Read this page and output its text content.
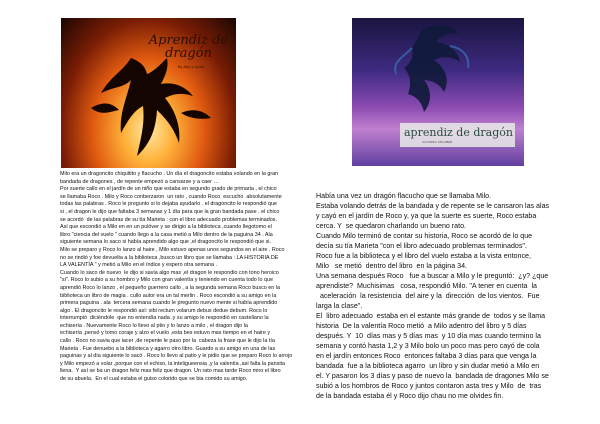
Aprendiz de dragón
By Aby y Ayala
aprendiz de dragón
AUTORES: MILO/BEB
Milo era un dragoncito chiquitito y flacucho . Un día el dragoncito estaba volando en la gran
bandada de dragones , de repente empezó a cansarse y a caer …
Por suerte callo en el jardín de un niño que estaba en segundo grado de primaria , el chico
se llamaba Roco . Milo y Roco conberzaron  un rato , cuando Roco  escucho  absolutamente
todas las palabras . Roco le pregunto si lo dejaba ayudarlo . el dragoncito le respondió que
si , el dragon le dijo que faltaba 3 semanas y 1 día para que la gran bandada pase . el chico
se acordó  de las palabras de su tía Marieta : con el libro adecuado problemas terminados.
Así que escondió a Milo en en un pulóver y se dirigio a la biblioteca ,cuando llegotomo el
libro "ciencia del vuelo " cuando llego a la casa metió a Milo dentro de la paguina 34 . Ala
siguiente semana lo saco si había aprendido algo que ,el dragoncito le respondió que si.
Milo se preparo y Roco lo lanzo al haire , Milo estuvo apenas unos segundos en el aire . Roco
no se rindió y foe devuelta a la biblioteca ,busco un libro que se llamaba : LA HISTORIA DE
LA VALENTÍA " y metió a Milo en el índice y espero otra semana .
Cuando lo saco de nuevo  le dijo si savia algo mas ,el dragon le respondio con tono heroico
"si". Roco lo subio a su hombro y Milo con gran valentía y teniendo en cuenta todo lo que
aprendió Roco lo lanzo , el pequeño guerrero callo , a la segunda semana Roco busco en la
biblioteca un libro de magia . cullo autor era un tal merlin . Roco escondió a su amigo en la
primera paguina . ala  tercera semana cuando le pregunto nuevo mente si había aprendido
algo . El dragoncito le respondió así: sibi rectum volarum debus dedue debum. Roco lo
interrumpió  diciéndole  que no entendía nada .y su amigo le respondió en castellano la
echisería . Nuevamente Roco lo llevo al ptio y lo lanzo a milo , el dragon dijo la
echisería ,pensó y tomo coraje y alzo el vuelo ,esta bes estuvo mas tiempo en el haire y
callo . Roco no savia que iacer ,de repente le paso por la  cabeza la frase que le dijo la tía
Marieta . Fue denuebo a la biblioteca y agarro otro libro. Guardo a su amigo en una de las
paguinas y al día siguiente lo sacó . Roco lo llevo al patio y le pidio que se preparo Roco lo arrojo
y Milo empezó a volar ,porque con el echiso, la inteligueensia ,y la valentía ,así falta la pansita
llena.  Y así se ba un dragon feliz mas feliz que dragon. Un rato mas tarde Roco miro el libro
de su abuela.  En el cual estaba el guiso colorido que se bia comido su amigo.
Había una vez un dragón flacucho que se llamaba Milo.
Estaba volando detrás de la bandada y de repente se le cansaron las alas
y cayó en el jardín de Roco y, ya que la suerte es suerte, Roco estaba
cerca. Y  se quedaron charlando un bueno rato.
Cuando Milo terminó de contar su historia, Roco se acordó de lo que
decía su tía Marieta "con el libro adecuado problemas terminados".
Roco fue a la biblioteca y el libro del vuelo estaba a la vista entonce,
Milo   se metió  dentro del libro  en la página 34.
Una semana después Roco   fue a buscar a Milo y le preguntó:  ¿y? ¿que
aprendiste?  Muchisimas   cosa, respondió Milo. "A tener en cuenta  la
aceleración  la resistencia  del aire y la  dirección  de los vientos.  Fue
larga la clase".
El  libro adecuado  estaba en el estante más grande de  todos y se llama
historia  De la valentía Roco metió  a Milo adentro del libro y 5 días
después. Y  10  días mas y 5 días mas  y 10 día mas cuando termino la
semana y contó hasta 1,2 y 3 Milo bolo un poco mas pero cayó de cola
en el jardín entonces Roco  entonces faltaba 3 días para que venga la
bandada  fue a la biblioteca agarro  un libro y sin dudar metió a Milo en
el. Y pasaron los 3 días y paso de nuevo la  bandada de dragones Milo se
subió a los hombros de Roco y juntos contaron asta tres y Milo  de  tras
de la bandada estaba él y Roco dijo chau no me olvides fin.
